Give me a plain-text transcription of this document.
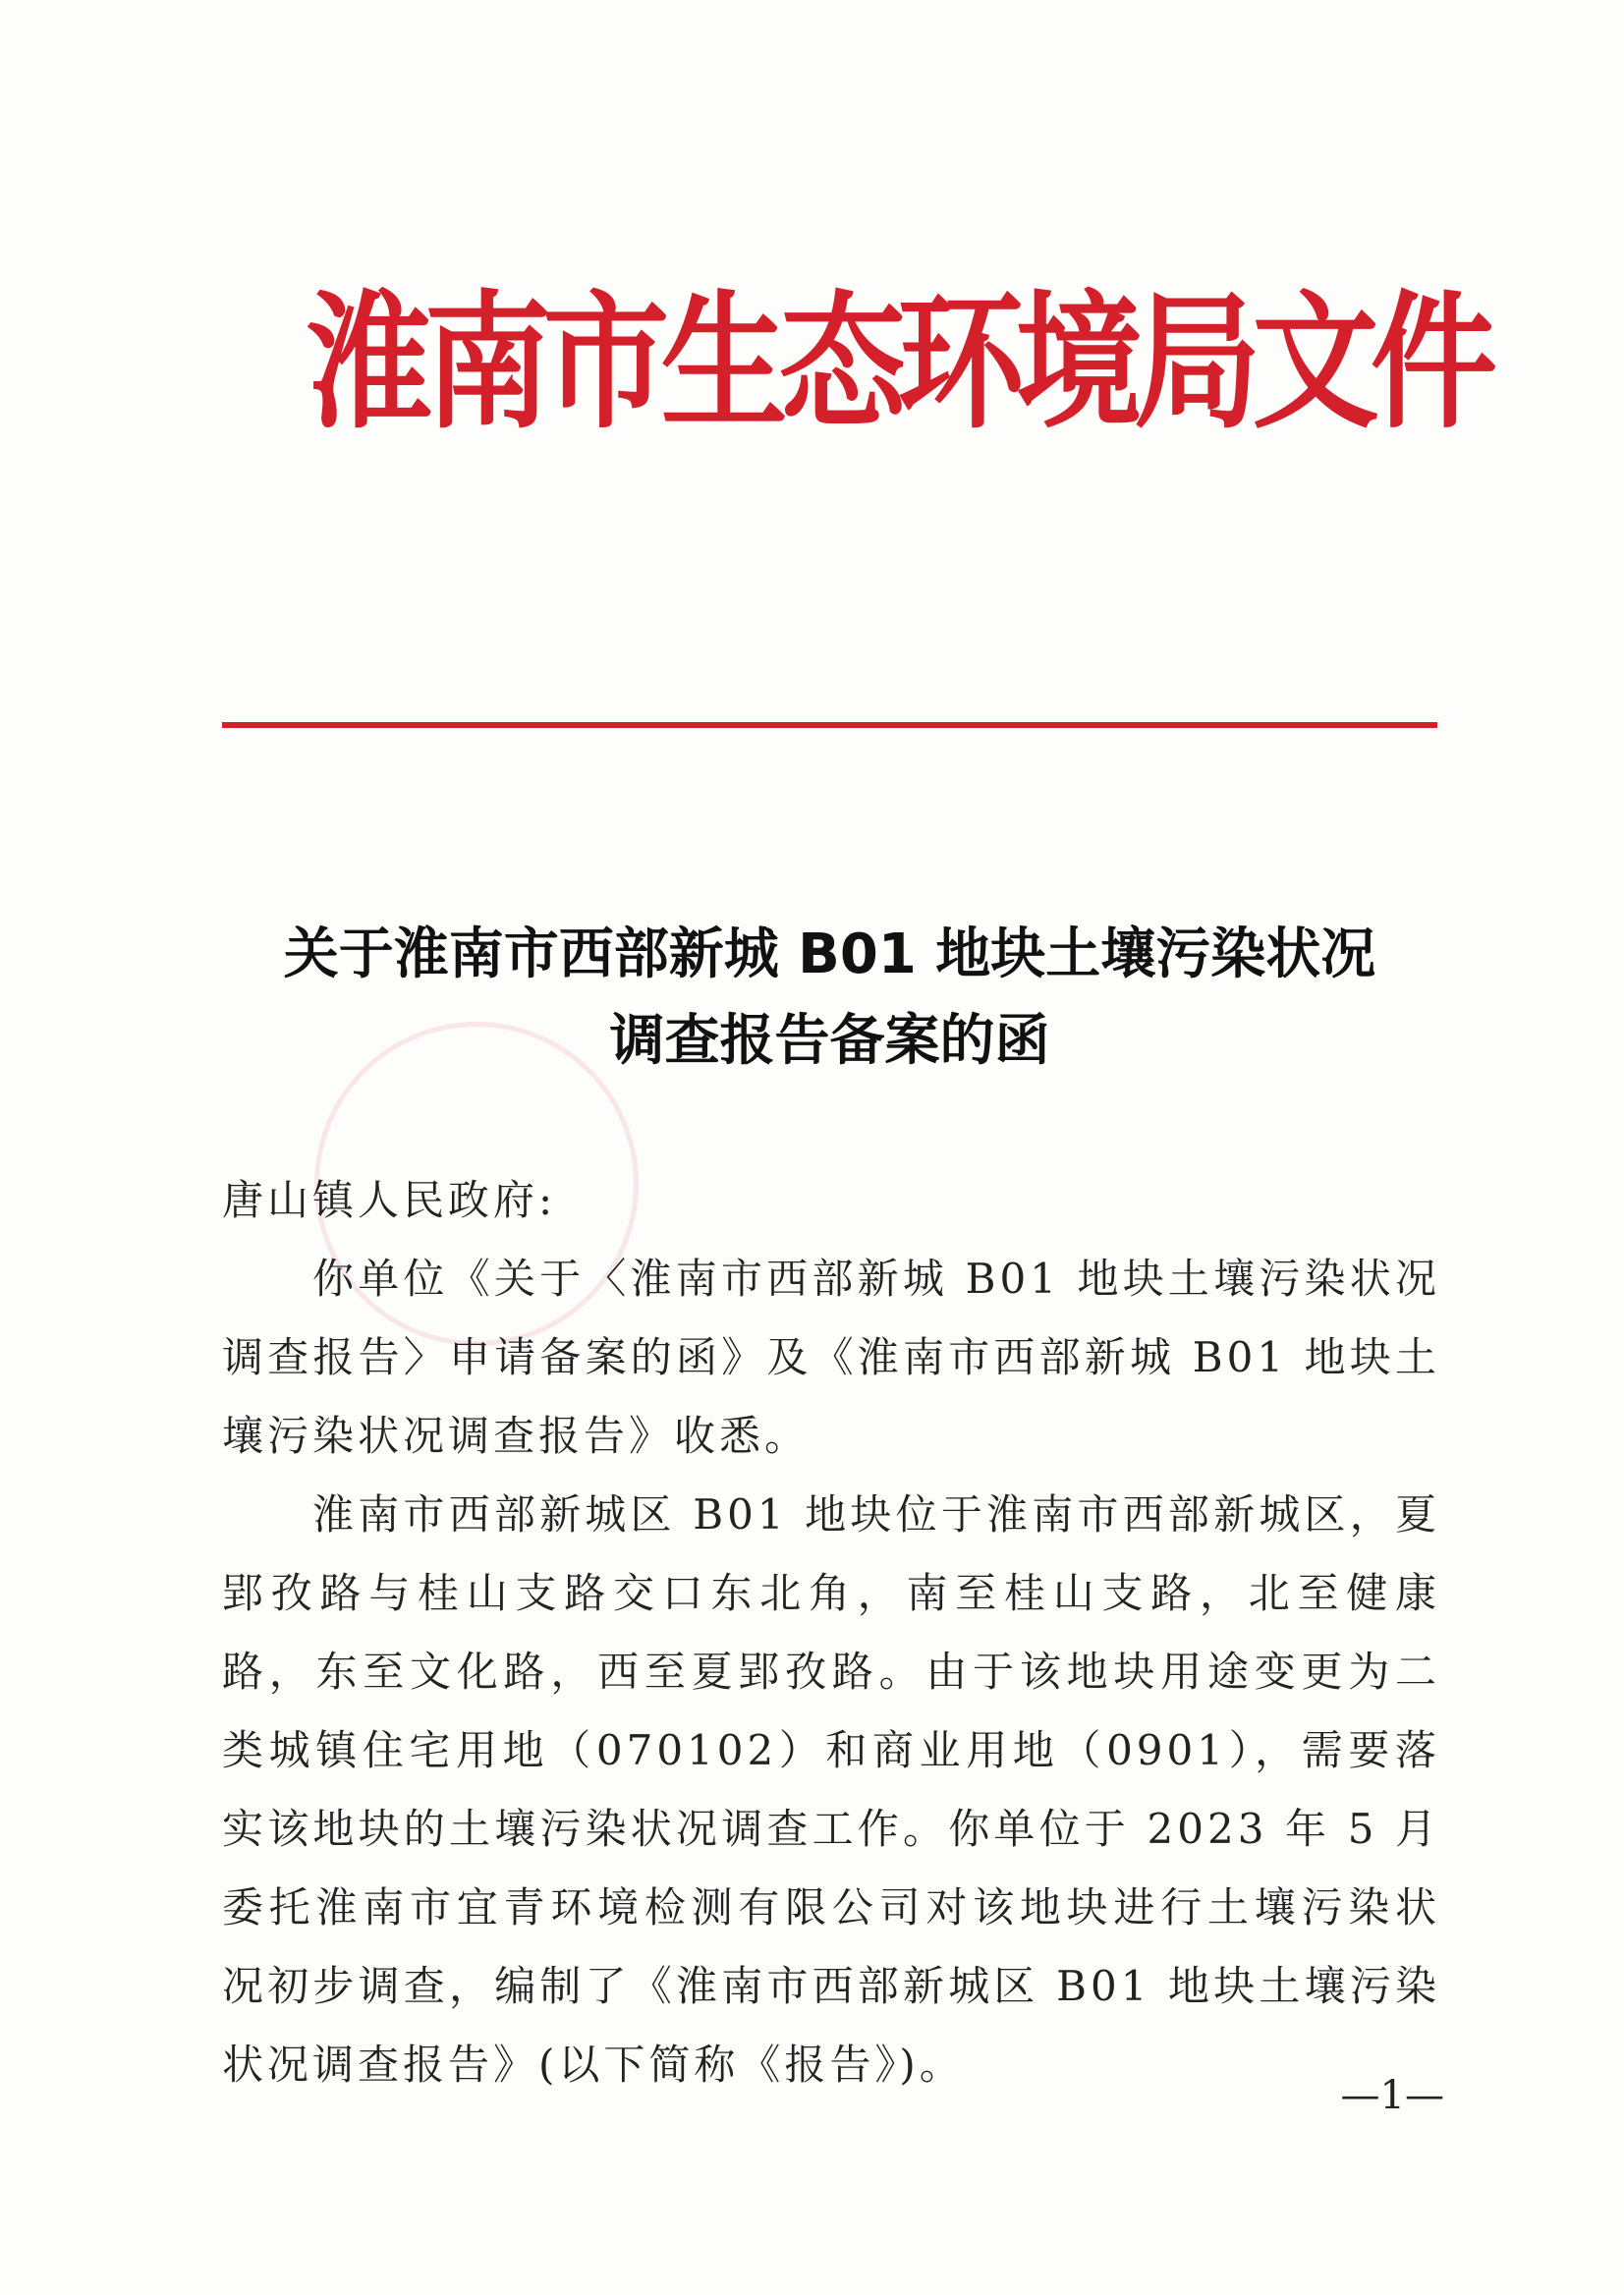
淮南市生态环境局文件
关于淮南市西部新城 B01 地块土壤污染状况
调查报告备案的函

唐山镇人民政府:

你单位《关于〈淮南市西部新城 B01 地块土壤污染状况调查报告〉申请备案的函》及《淮南市西部新城 B01 地块土壤污染状况调查报告》收悉。

淮南市西部新城区 B01 地块位于淮南市西部新城区，夏郢孜路与桂山支路交口东北角，南至桂山支路，北至健康路，东至文化路，西至夏郢孜路。由于该地块用途变更为二类城镇住宅用地（070102）和商业用地（0901），需要落实该地块的土壤污染状况调查工作。你单位于 2023 年 5 月委托淮南市宜青环境检测有限公司对该地块进行土壤污染状况初步调查，编制了《淮南市西部新城区 B01 地块土壤污染状况调查报告》(以下简称《报告》)。

—1—
